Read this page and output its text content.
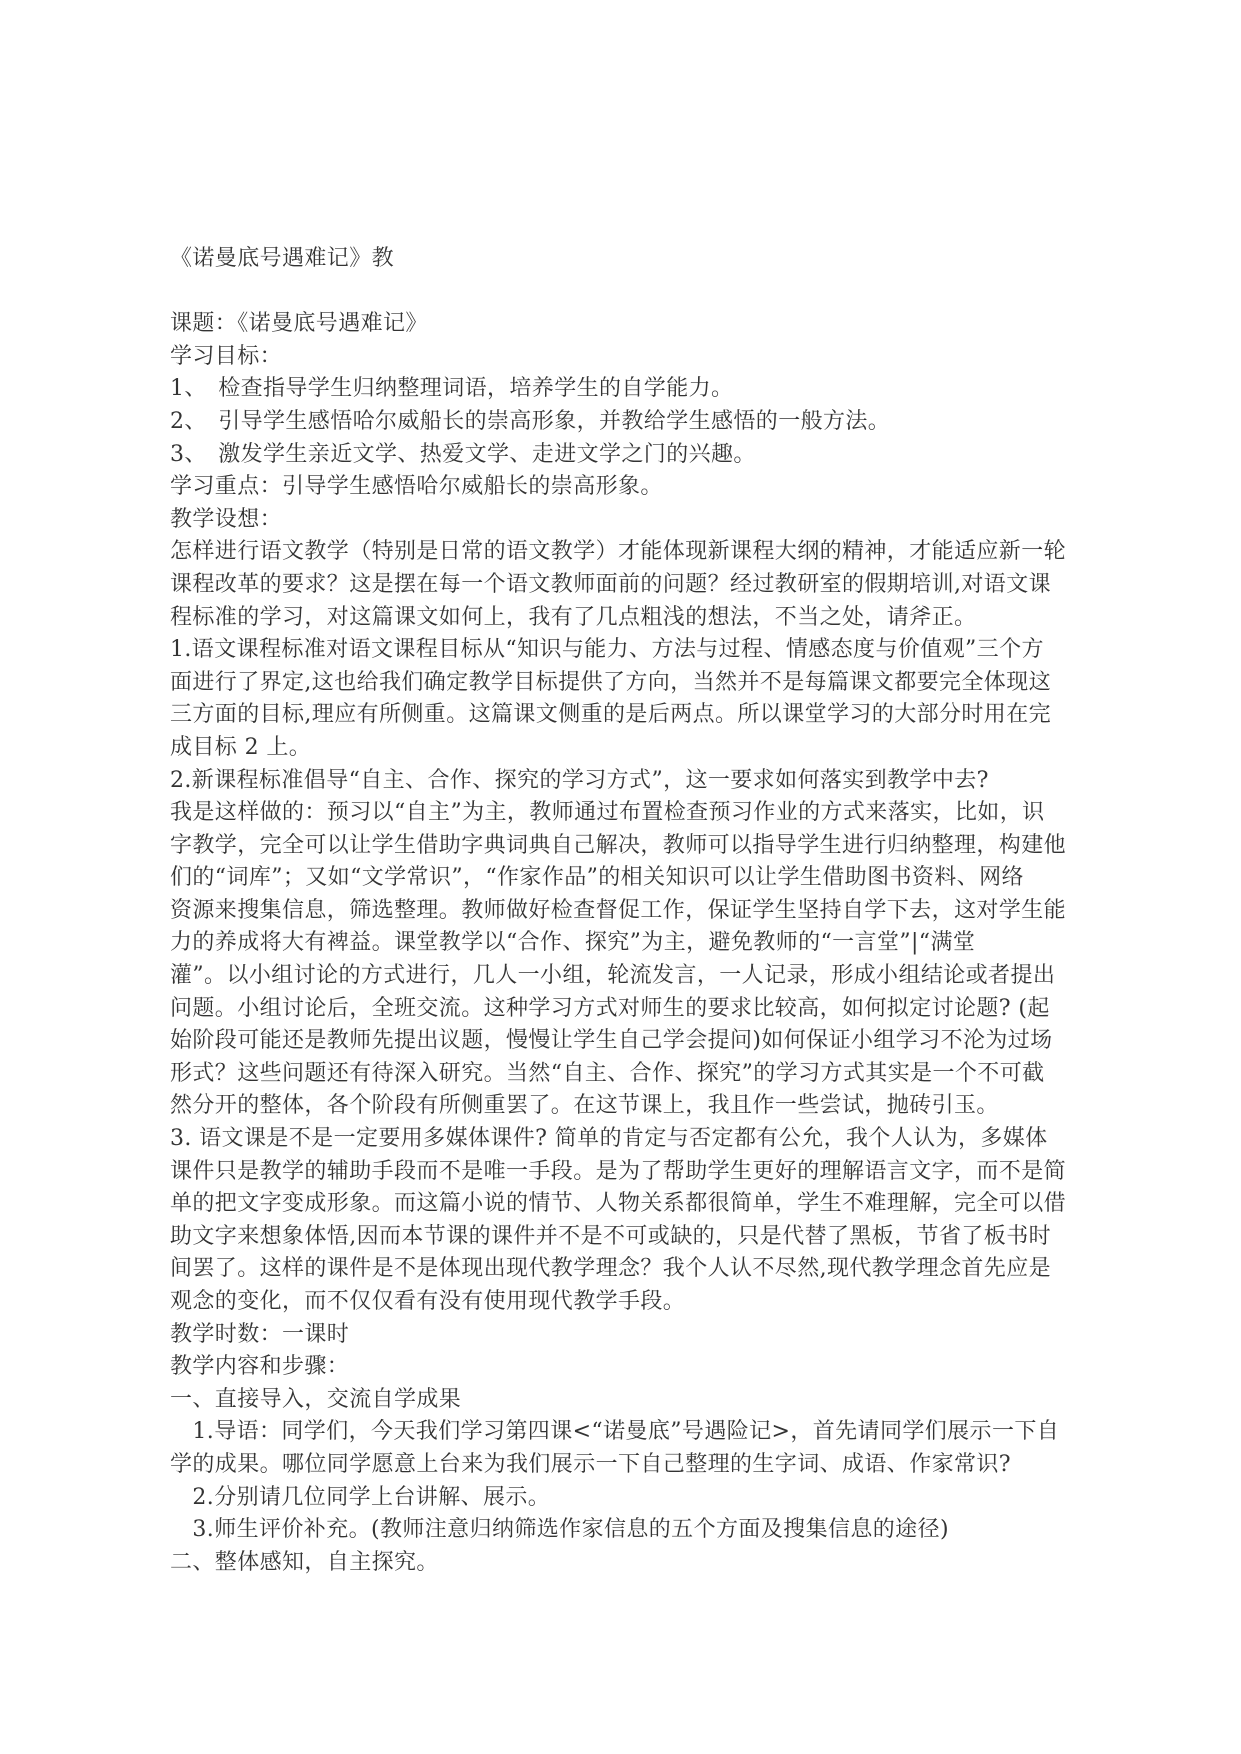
《诺曼底号遇难记》教
课题：《诺曼底号遇难记》
学习目标：
1、　检查指导学生归纳整理词语，培养学生的自学能力。
2、　引导学生感悟哈尔威船长的崇高形象，并教给学生感悟的一般方法。
3、　激发学生亲近文学、热爱文学、走进文学之门的兴趣。
学习重点：引导学生感悟哈尔威船长的崇高形象。
教学设想：
怎样进行语文教学（特别是日常的语文教学）才能体现新课程大纲的精神，才能适应新一轮
课程改革的要求？这是摆在每一个语文教师面前的问题？经过教研室的假期培训,对语文课
程标准的学习，对这篇课文如何上，我有了几点粗浅的想法，不当之处，请斧正。
1.语文课程标准对语文课程目标从“知识与能力、方法与过程、情感态度与价值观”三个方
面进行了界定,这也给我们确定教学目标提供了方向，当然并不是每篇课文都要完全体现这
三方面的目标,理应有所侧重。这篇课文侧重的是后两点。所以课堂学习的大部分时用在完
成目标 2 上。
2.新课程标准倡导“自主、合作、探究的学习方式”，这一要求如何落实到教学中去?
我是这样做的：预习以“自主”为主，教师通过布置检查预习作业的方式来落实，比如，识
字教学，完全可以让学生借助字典词典自己解决，教师可以指导学生进行归纳整理，构建他
们的“词库”；又如“文学常识”，“作家作品”的相关知识可以让学生借助图书资料、网络
资源来搜集信息，筛选整理。教师做好检查督促工作，保证学生坚持自学下去，这对学生能
力的养成将大有裨益。课堂教学以“合作、探究”为主，避免教师的“一言堂”|“满堂
灌”。以小组讨论的方式进行，几人一小组，轮流发言，一人记录，形成小组结论或者提出
问题。小组讨论后，全班交流。这种学习方式对师生的要求比较高，如何拟定讨论题? (起
始阶段可能还是教师先提出议题，慢慢让学生自己学会提问)如何保证小组学习不沦为过场
形式？这些问题还有待深入研究。当然“自主、合作、探究”的学习方式其实是一个不可截
然分开的整体，各个阶段有所侧重罢了。在这节课上，我且作一些尝试，抛砖引玉。
3. 语文课是不是一定要用多媒体课件? 简单的肯定与否定都有公允，我个人认为，多媒体
课件只是教学的辅助手段而不是唯一手段。是为了帮助学生更好的理解语言文字，而不是简
单的把文字变成形象。而这篇小说的情节、人物关系都很简单，学生不难理解，完全可以借
助文字来想象体悟,因而本节课的课件并不是不可或缺的，只是代替了黑板，节省了板书时
间罢了。这样的课件是不是体现出现代教学理念？我个人认不尽然,现代教学理念首先应是
观念的变化，而不仅仅看有没有使用现代教学手段。
教学时数：一课时
教学内容和步骤：
一、直接导入，交流自学成果
　1.导语：同学们，今天我们学习第四课<“诺曼底”号遇险记>，首先请同学们展示一下自
学的成果。哪位同学愿意上台来为我们展示一下自己整理的生字词、成语、作家常识?
　2.分别请几位同学上台讲解、展示。
　3.师生评价补充。(教师注意归纳筛选作家信息的五个方面及搜集信息的途径)
二、整体感知，自主探究。
